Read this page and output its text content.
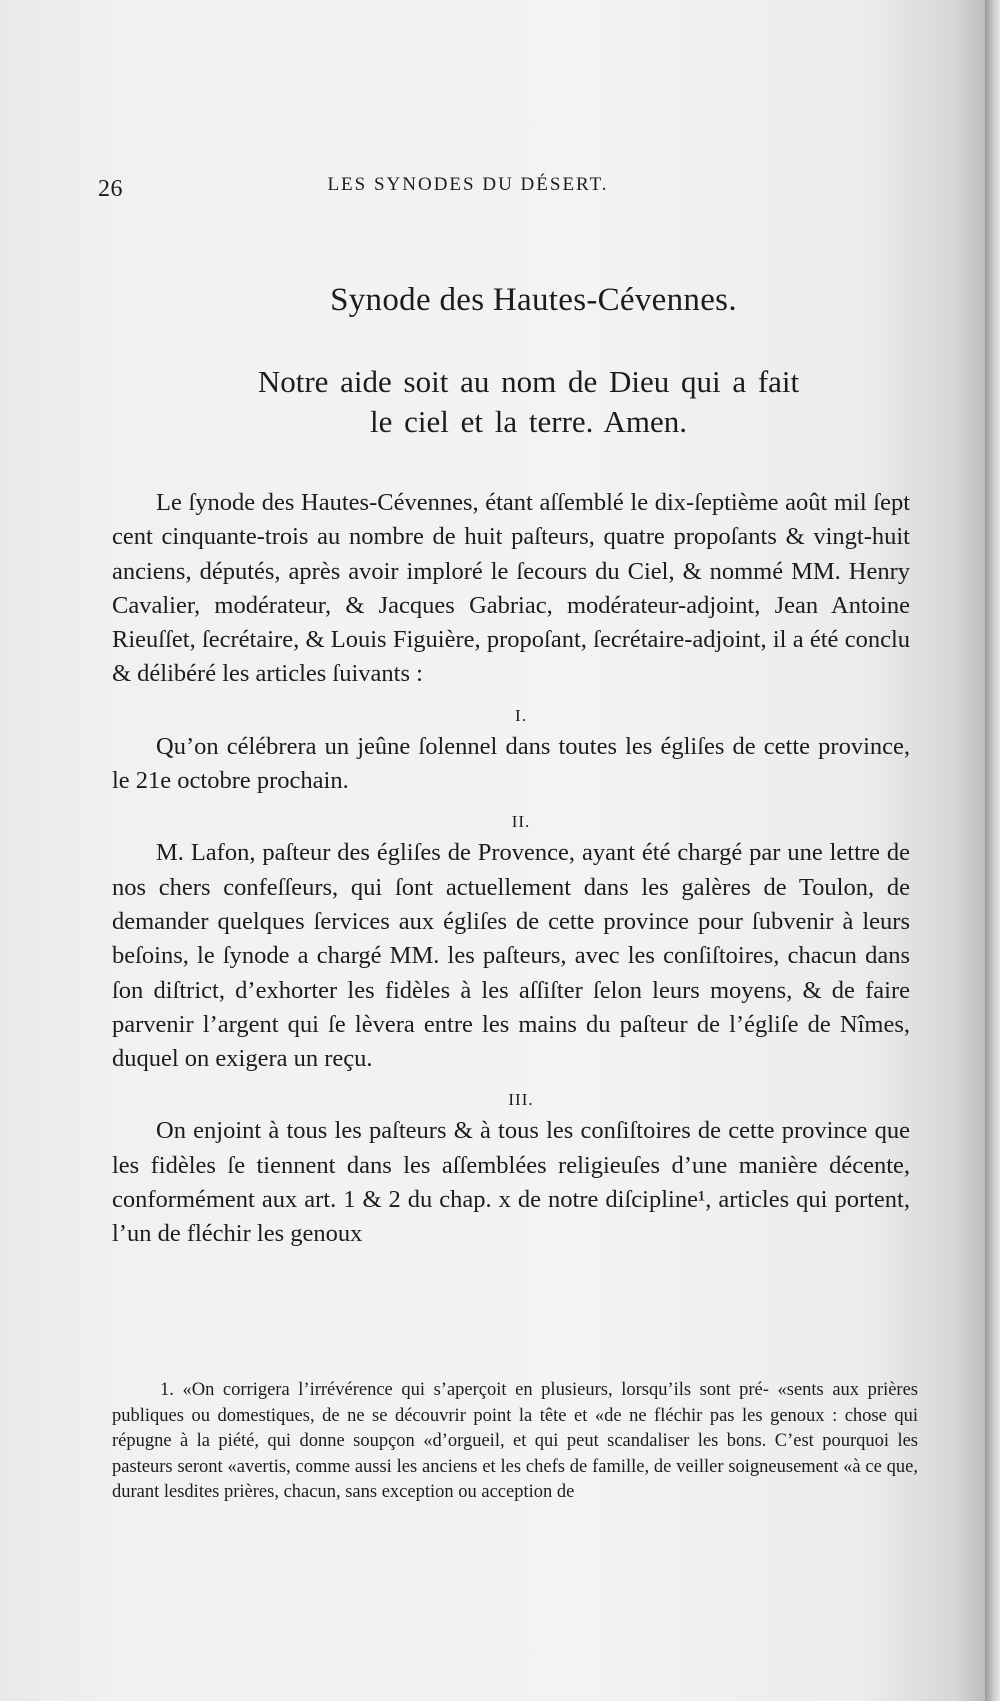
26	LES SYNODES DU DÉSERT.
Synode des Hautes-Cévennes.
Notre aide soit au nom de Dieu qui a fait
le ciel et la terre. Amen.

Le ſynode des Hautes-Cévennes, étant aſſemblé le dix-ſeptième août mil ſept cent cinquante-trois au nombre de huit paſteurs, quatre propoſants & vingt-huit anciens, députés, après avoir imploré le ſecours du Ciel, & nommé MM. Henry Cavalier, modérateur, & Jacques Gabriac, modérateur-adjoint, Jean Antoine Rieuſſet, ſecrétaire, & Louis Figuière, propoſant, ſecrétaire-adjoint, il a été conclu & délibéré les articles ſuivants :

I.

Qu’on célébrera un jeûne ſolennel dans toutes les égliſes de cette province, le 21e octobre prochain.

II.

M. Lafon, paſteur des égliſes de Provence, ayant été chargé par une lettre de nos chers confeſſeurs, qui ſont actuellement dans les galères de Toulon, de demander quelques ſervices aux égliſes de cette province pour ſubvenir à leurs beſoins, le ſynode a chargé MM. les paſteurs, avec les conſiſtoires, chacun dans ſon diſtrict, d’exhorter les fidèles à les aſſiſter ſelon leurs moyens, & de faire parvenir l’argent qui ſe lèvera entre les mains du paſteur de l’égliſe de Nîmes, duquel on exigera un reçu.

III.

On enjoint à tous les paſteurs & à tous les conſiſtoires de cette province que les fidèles ſe tiennent dans les aſſemblées religieuſes d’une manière décente, conformément aux art. 1 & 2 du chap. x de notre diſcipline¹, articles qui portent, l’un de fléchir les genoux

1. «On corrigera l’irrévérence qui s’aperçoit en plusieurs, lorsqu’ils sont pré- «sents aux prières publiques ou domestiques, de ne se découvrir point la tête et «de ne fléchir pas les genoux : chose qui répugne à la piété, qui donne soupçon «d’orgueil, et qui peut scandaliser les bons. C’est pourquoi les pasteurs seront «avertis, comme aussi les anciens et les chefs de famille, de veiller soigneusement «à ce que, durant lesdites prières, chacun, sans exception ou acception de
